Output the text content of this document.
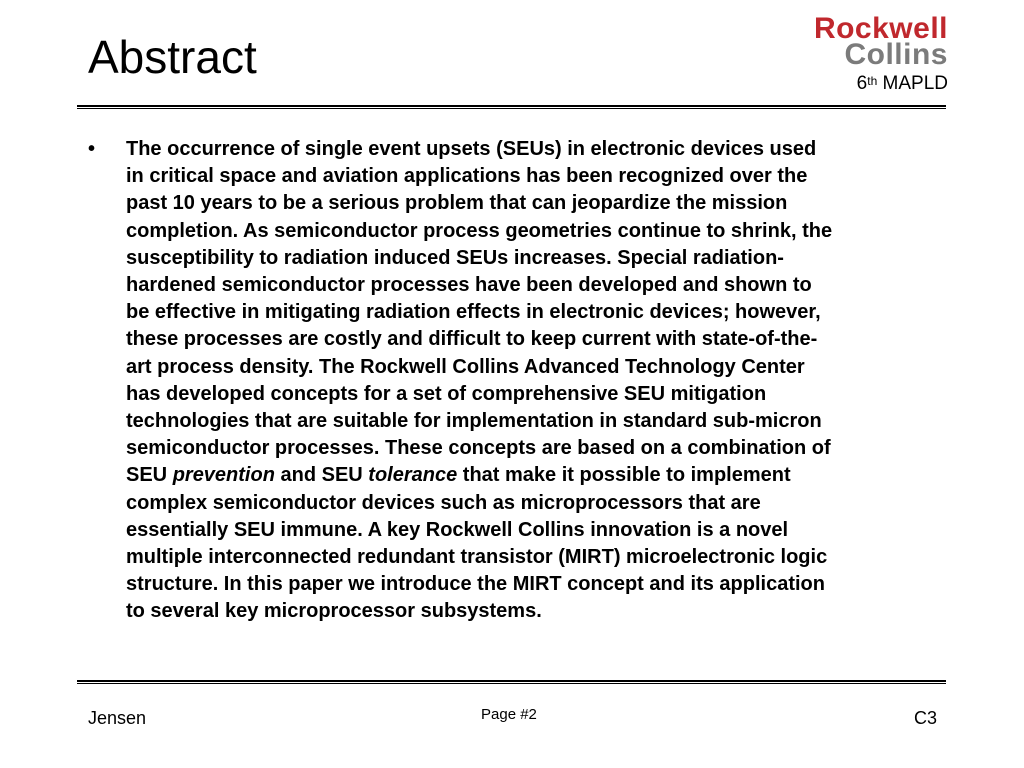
Abstract
Rockwell
Collins
6th MAPLD
• The occurrence of single event upsets (SEUs) in electronic devices used
in critical space and aviation applications has been recognized over the
past 10 years to be a serious problem that can jeopardize the mission
completion. As semiconductor process geometries continue to shrink, the
susceptibility to radiation induced SEUs increases. Special radiation-
hardened semiconductor processes have been developed and shown to
be effective in mitigating radiation effects in electronic devices; however,
these processes are costly and difficult to keep current with state-of-the-
art process density. The Rockwell Collins Advanced Technology Center
has developed concepts for a set of comprehensive SEU mitigation
technologies that are suitable for implementation in standard sub-micron
semiconductor processes. These concepts are based on a combination of
SEU prevention and SEU tolerance that make it possible to implement
complex semiconductor devices such as microprocessors that are
essentially SEU immune. A key Rockwell Collins innovation is a novel
multiple interconnected redundant transistor (MIRT) microelectronic logic
structure. In this paper we introduce the MIRT concept and its application
to several key microprocessor subsystems.
Jensen	Page #2	C3
